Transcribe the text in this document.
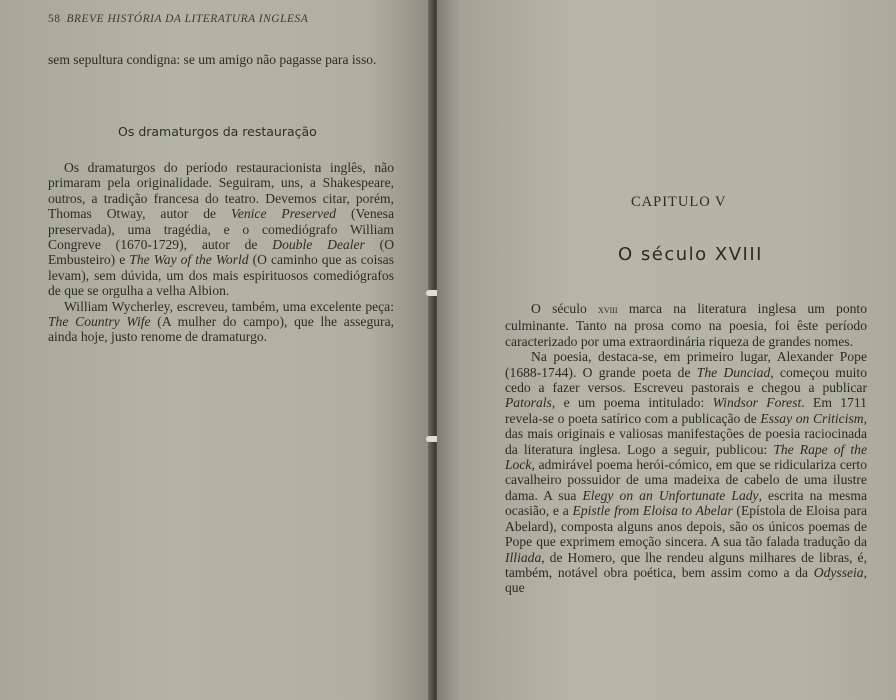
58 BREVE HISTÓRIA DA LITERATURA INGLESA

sem sepultura condigna: se um amigo não pagasse para isso.

Os dramaturgos da restauração

Os dramaturgos do período restauracionista inglês, não primaram pela originalidade. Seguiram, uns, a Shakespeare, outros, a tradição francesa do teatro. Devemos citar, porém, Thomas Otway, autor de Venice Preserved (Venesa preservada), uma tragédia, e o comediógrafo William Congreve (1670-1729), autor de Double Dealer (O Embusteiro) e The Way of the World (O caminho que as coisas levam), sem dúvida, um dos mais espirituosos comediógrafos de que se orgulha a velha Albion.

William Wycherley, escreveu, também, uma excelente peça: The Country Wife (A mulher do campo), que lhe assegura, ainda hoje, justo renome de dramaturgo.

CAPITULO V
O século XVIII

O século xviii marca na literatura inglesa um ponto culminante. Tanto na prosa como na poesia, foi êste período caracterizado por uma extraordinária riqueza de grandes nomes.

Na poesia, destaca-se, em primeiro lugar, Alexander Pope (1688-1744). O grande poeta de The Dunciad, começou muito cedo a fazer versos. Escreveu pastorais e chegou a publicar Patorals, e um poema intitulado: Windsor Forest. Em 1711 revela-se o poeta satírico com a publicação de Essay on Criticism, das mais originais e valiosas manifestações de poesia raciocinada da literatura inglesa. Logo a seguir, publicou: The Rape of the Lock, admirável poema herói-cómico, em que se ridiculariza certo cavalheiro possuidor de uma madeixa de cabelo de uma ilustre dama. A sua Elegy on an Unfortunate Lady, escrita na mesma ocasião, e a Epistle from Eloisa to Abelar (Epístola de Eloisa para Abelard), composta alguns anos depois, são os únicos poemas de Pope que exprimem emoção sincera. A sua tão falada tradução da Illiada, de Homero, que lhe rendeu alguns milhares de libras, é, também, notável obra poética, bem assim como a da Odysseia, que
